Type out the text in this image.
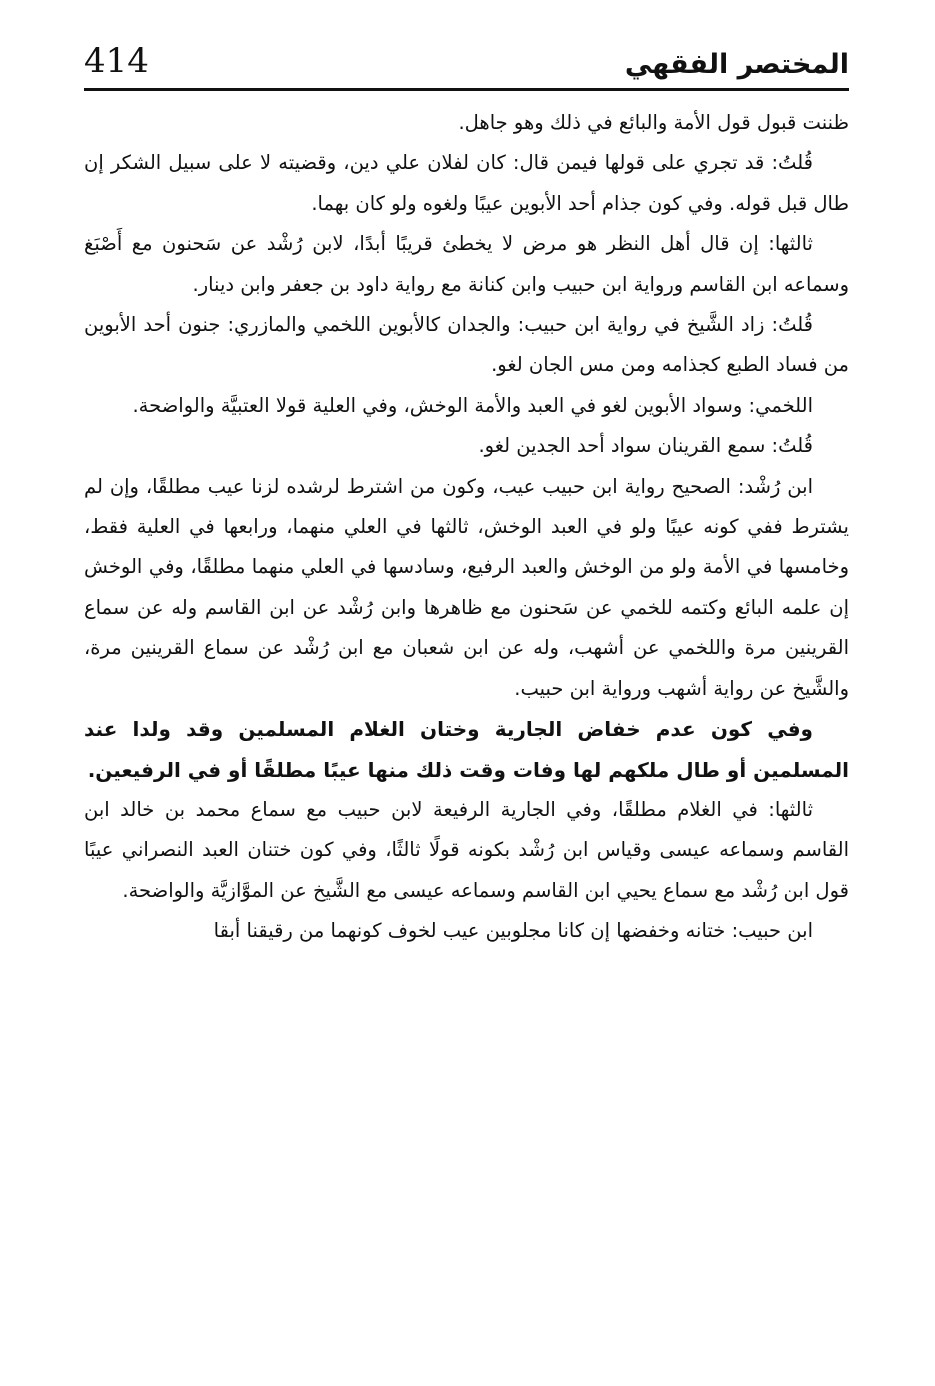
414	المختصر الفقهي

ظننت قبول قول الأمة والبائع في ذلك وهو جاهل.

قُلتُ: قد تجري على قولها فيمن قال: كان لفلان علي دين، وقضيته لا على سبيل الشكر إن طال قبل قوله. وفي كون جذام أحد الأبوين عيبًا ولغوه ولو كان بهما.

ثالثها: إن قال أهل النظر هو مرض لا يخطئ قريبًا أبدًا، لابن رُشْد عن سَحنون مع أَصْبَغ وسماعه ابن القاسم ورواية ابن حبيب وابن كنانة مع رواية داود بن جعفر وابن دينار.

قُلتُ: زاد الشَّيخ في رواية ابن حبيب: والجدان كالأبوين اللخمي والمازري: جنون أحد الأبوين من فساد الطبع كجذامه ومن مس الجان لغو.

اللخمي: وسواد الأبوين لغو في العبد والأمة الوخش، وفي العلية قولا العتبيَّة والواضحة.

قُلتُ: سمع القرينان سواد أحد الجدين لغو.

ابن رُشْد: الصحيح رواية ابن حبيب عيب، وكون من اشترط لرشده لزنا عيب مطلقًا، وإن لم يشترط ففي كونه عيبًا ولو في العبد الوخش، ثالثها في العلي منهما، ورابعها في العلية فقط، وخامسها في الأمة ولو من الوخش والعبد الرفيع، وسادسها في العلي منهما مطلقًا، وفي الوخش إن علمه البائع وكتمه للخمي عن سَحنون مع ظاهرها وابن رُشْد عن ابن القاسم وله عن سماع القرينين مرة واللخمي عن أشهب، وله عن ابن شعبان مع ابن رُشْد عن سماع القرينين مرة، والشَّيخ عن رواية أشهب ورواية ابن حبيب.

وفي كون عدم خفاض الجارية وختان الغلام المسلمين وقد ولدا عند المسلمين أو طال ملكهم لها وفات وقت ذلك منها عيبًا مطلقًا أو في الرفيعين.

ثالثها: في الغلام مطلقًا، وفي الجارية الرفيعة لابن حبيب مع سماع محمد بن خالد ابن القاسم وسماعه عيسى وقياس ابن رُشْد بكونه قولًا ثالثًا، وفي كون ختنان العبد النصراني عيبًا قول ابن رُشْد مع سماع يحيي ابن القاسم وسماعه عيسى مع الشَّيخ عن الموَّازيَّة والواضحة.

ابن حبيب: ختانه وخفضها إن كانا مجلوبين عيب لخوف كونهما من رقيقنا أبقا
